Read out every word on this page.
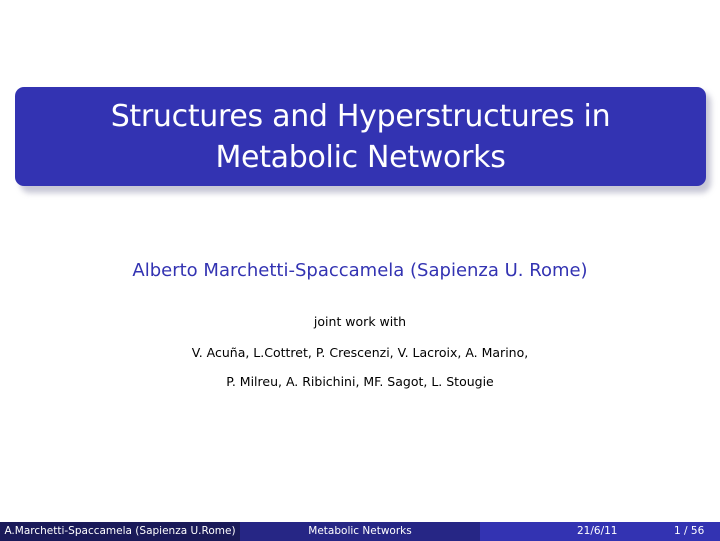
Structures and Hyperstructures in
Metabolic Networks
Alberto Marchetti-Spaccamela (Sapienza U. Rome)
joint work with
V. Acuña, L.Cottret, P. Crescenzi, V. Lacroix, A. Marino,
P. Milreu, A. Ribichini, MF. Sagot, L. Stougie
A.Marchetti-Spaccamela (Sapienza U.Rome)	Metabolic Networks	21/6/11	1 / 56
